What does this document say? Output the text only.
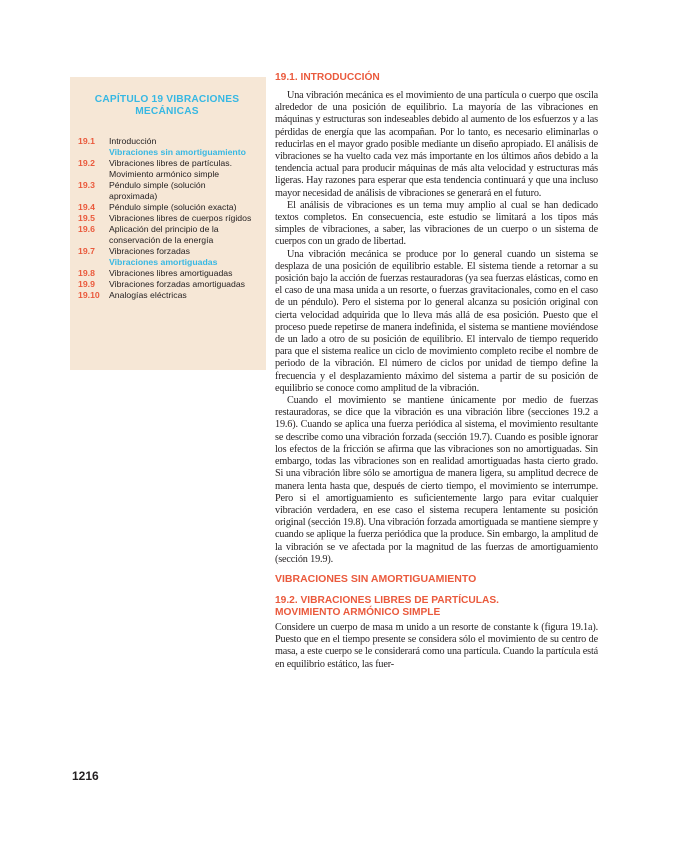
CAPÍTULO 19 VIBRACIONES MECÁNICAS
19.1	Introducción
Vibraciones sin amortiguamiento
19.2	Vibraciones libres de partículas. Movimiento armónico simple
19.3	Péndulo simple (solución aproximada)
19.4	Péndulo simple (solución exacta)
19.5	Vibraciones libres de cuerpos rígidos
19.6	Aplicación del principio de la conservación de la energía
19.7	Vibraciones forzadas
Vibraciones amortiguadas
19.8	Vibraciones libres amortiguadas
19.9	Vibraciones forzadas amortiguadas
19.10	Analogías eléctricas
19.1. INTRODUCCIÓN

Una vibración mecánica es el movimiento de una partícula o cuerpo que oscila alrededor de una posición de equilibrio. La mayoría de las vibraciones en máquinas y estructuras son indeseables debido al aumento de los esfuerzos y a las pérdidas de energía que las acompañan. Por lo tanto, es necesario eliminarlas o reducirlas en el mayor grado posible mediante un diseño apropiado. El análisis de vibraciones se ha vuelto cada vez más importante en los últimos años debido a la tendencia actual para producir máquinas de más alta velocidad y estructuras más ligeras. Hay razones para esperar que esta tendencia continuará y que una incluso mayor necesidad de análisis de vibraciones se generará en el futuro.

El análisis de vibraciones es un tema muy amplio al cual se han dedicado textos completos. En consecuencia, este estudio se limitará a los tipos más simples de vibraciones, a saber, las vibraciones de un cuerpo o un sistema de cuerpos con un grado de libertad.

Una vibración mecánica se produce por lo general cuando un sistema se desplaza de una posición de equilibrio estable. El sistema tiende a retornar a su posición bajo la acción de fuerzas restauradoras (ya sea fuerzas elásticas, como en el caso de una masa unida a un resorte, o fuerzas gravitacionales, como en el caso de un péndulo). Pero el sistema por lo general alcanza su posición original con cierta velocidad adquirida que lo lleva más allá de esa posición. Puesto que el proceso puede repetirse de manera indefinida, el sistema se mantiene moviéndose de un lado a otro de su posición de equilibrio. El intervalo de tiempo requerido para que el sistema realice un ciclo de movimiento completo recibe el nombre de periodo de la vibración. El número de ciclos por unidad de tiempo define la frecuencia y el desplazamiento máximo del sistema a partir de su posición de equilibrio se conoce como amplitud de la vibración.

Cuando el movimiento se mantiene únicamente por medio de fuerzas restauradoras, se dice que la vibración es una vibración libre (secciones 19.2 a 19.6). Cuando se aplica una fuerza periódica al sistema, el movimiento resultante se describe como una vibración forzada (sección 19.7). Cuando es posible ignorar los efectos de la fricción se afirma que las vibraciones son no amortiguadas. Sin embargo, todas las vibraciones son en realidad amortiguadas hasta cierto grado. Si una vibración libre sólo se amortigua de manera ligera, su amplitud decrece de manera lenta hasta que, después de cierto tiempo, el movimiento se interrumpe. Pero si el amortiguamiento es suficientemente largo para evitar cualquier vibración verdadera, en ese caso el sistema recupera lentamente su posición original (sección 19.8). Una vibración forzada amortiguada se mantiene siempre y cuando se aplique la fuerza periódica que la produce. Sin embargo, la amplitud de la vibración se ve afectada por la magnitud de las fuerzas de amortiguamiento (sección 19.9).

VIBRACIONES SIN AMORTIGUAMIENTO
19.2. VIBRACIONES LIBRES DE PARTÍCULAS.
MOVIMIENTO ARMÓNICO SIMPLE

Considere un cuerpo de masa m unido a un resorte de constante k (figura 19.1a). Puesto que en el tiempo presente se considera sólo el movimiento de su centro de masa, a este cuerpo se le considerará como una partícula. Cuando la partícula está en equilibrio estático, las fuer-

1216
